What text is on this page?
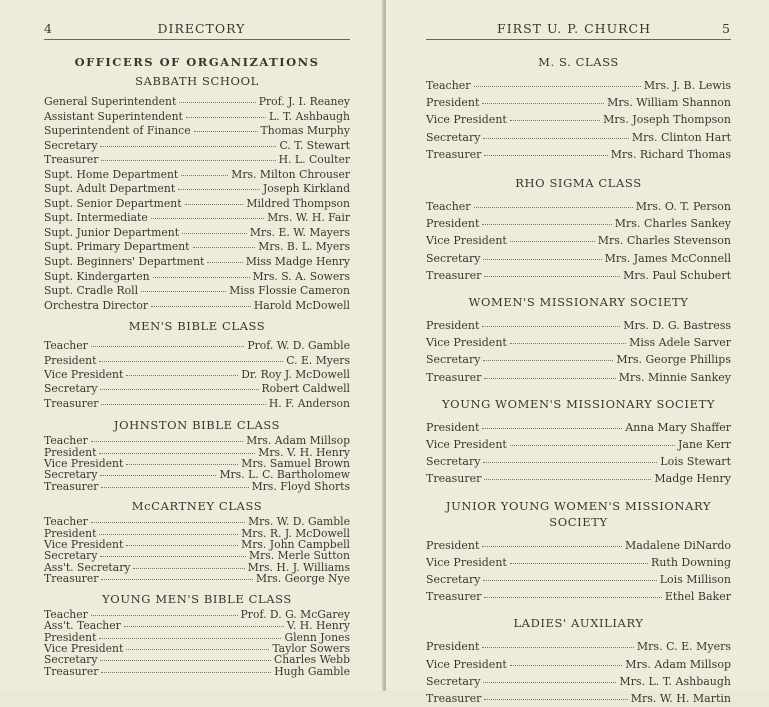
4	DIRECTORY
OFFICERS OF ORGANIZATIONS
SABBATH SCHOOL
General Superintendent	Prof. J. I. Reaney
Assistant Superintendent	L. T. Ashbaugh
Superintendent of Finance	Thomas Murphy
Secretary	C. T. Stewart
Treasurer	H. L. Coulter
Supt. Home Department	Mrs. Milton Chrouser
Supt. Adult Department	Joseph Kirkland
Supt. Senior Department	Mildred Thompson
Supt. Intermediate	Mrs. W. H. Fair
Supt. Junior Department	Mrs. E. W. Mayers
Supt. Primary Department	Mrs. B. L. Myers
Supt. Beginners' Department	Miss Madge Henry
Supt. Kindergarten	Mrs. S. A. Sowers
Supt. Cradle Roll	Miss Flossie Cameron
Orchestra Director	Harold McDowell
MEN'S BIBLE CLASS
Teacher	Prof. W. D. Gamble
President	C. E. Myers
Vice President	Dr. Roy J. McDowell
Secretary	Robert Caldwell
Treasurer	H. F. Anderson
JOHNSTON BIBLE CLASS
Teacher	Mrs. Adam Millsop
President	Mrs. V. H. Henry
Vice President	Mrs. Samuel Brown
Secretary	Mrs. L. C. Bartholomew
Treasurer	Mrs. Floyd Shorts
McCARTNEY CLASS
Teacher	Mrs. W. D. Gamble
President	Mrs. R. J. McDowell
Vice President	Mrs. John Campbell
Secretary	Mrs. Merle Sutton
Ass't. Secretary	Mrs. H. J. Williams
Treasurer	Mrs. George Nye
YOUNG MEN'S BIBLE CLASS
Teacher	Prof. D. G. McGarey
Ass't. Teacher	V. H. Henry
President	Glenn Jones
Vice President	Taylor Sowers
Secretary	Charles Webb
Treasurer	Hugh Gamble
FIRST U. P. CHURCH	5
M. S. CLASS
Teacher	Mrs. J. B. Lewis
President	Mrs. William Shannon
Vice President	Mrs. Joseph Thompson
Secretary	Mrs. Clinton Hart
Treasurer	Mrs. Richard Thomas
RHO SIGMA CLASS
Teacher	Mrs. O. T. Person
President	Mrs. Charles Sankey
Vice President	Mrs. Charles Stevenson
Secretary	Mrs. James McConnell
Treasurer	Mrs. Paul Schubert
WOMEN'S MISSIONARY SOCIETY
President	Mrs. D. G. Bastress
Vice President	Miss Adele Sarver
Secretary	Mrs. George Phillips
Treasurer	Mrs. Minnie Sankey
YOUNG WOMEN'S MISSIONARY SOCIETY
President	Anna Mary Shaffer
Vice President	Jane Kerr
Secretary	Lois Stewart
Treasurer	Madge Henry
JUNIOR YOUNG WOMEN'S MISSIONARY SOCIETY
President	Madalene DiNardo
Vice President	Ruth Downing
Secretary	Lois Millison
Treasurer	Ethel Baker
LADIES' AUXILIARY
President	Mrs. C. E. Myers
Vice President	Mrs. Adam Millsop
Secretary	Mrs. L. T. Ashbaugh
Treasurer	Mrs. W. H. Martin
